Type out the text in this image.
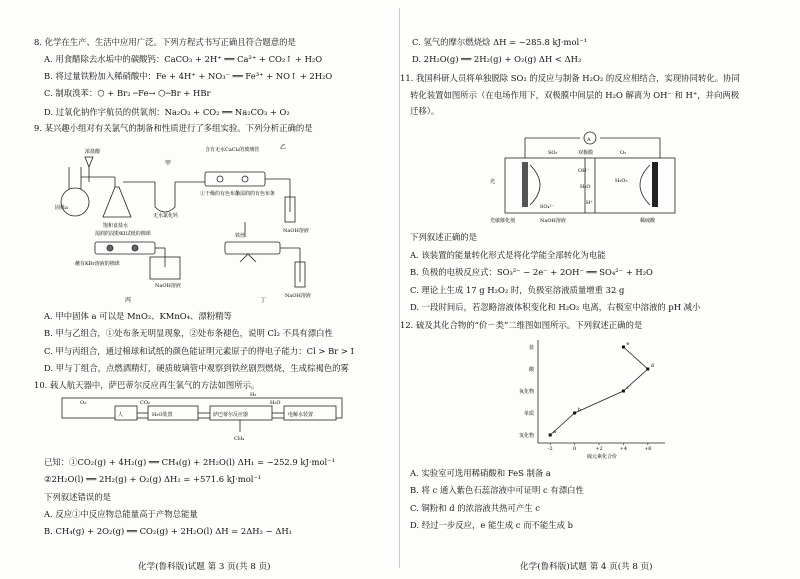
8. 化学在生产、生活中应用广泛。下列方程式书写正确且符合题意的是
A. 用食醋除去水垢中的碳酸钙：CaCO₃ + 2H⁺ ══ Ca²⁺ + CO₂↑ + H₂O
B. 将过量铁粉加入稀硝酸中：Fe + 4H⁺ + NO₃⁻ ══ Fe³⁺ + NO↑ + 2H₂O
C. 制取溴苯：⬡ + Br₂ ─Fe→ ⬡─Br + HBr
D. 过氧化钠作宇航员的供氧剂：Na₂O₂ + CO₂ ══ Na₂CO₃ + O₂
9. 某兴趣小组对有关氯气的制备和性质进行了多组实验。下列分析正确的是
固体a
浓盐酸
饱和食盐水
无水氯化钙
含有无水CaCl₂的玻璃管
①干燥的有色布条
②湿润的有色布条
NaOH溶液
湿润的淀粉KI试纸的棉球
蘸有KBr溶液的棉球
NaOH溶液
铁丝
NaOH溶液
甲
乙
丙	丁
A. 甲中固体 a 可以是 MnO₂、KMnO₄、漂粉精等
B. 甲与乙组合，①处布条无明显现象，②处布条褪色，说明 Cl₂ 不具有漂白性
C. 甲与丙组合，通过棉球和试纸的颜色能证明元素原子的得电子能力：Cl > Br > I
D. 甲与丁组合，点燃酒精灯，硬质玻璃管中观察到铁丝剧烈燃烧，生成棕褐色的雾
10. 载人航天器中，萨巴蒂尔反应再生氧气的方法如图所示。
人	H₂O装置	萨巴蒂尔反应器	电解水装置
O₂	CO₂
H₂
H₂O
CH₄
已知：①CO₂(g) + 4H₂(g) ══ CH₄(g) + 2H₂O(l) ΔH₁ = −252.9 kJ·mol⁻¹
②2H₂O(l) ══ 2H₂(g) + O₂(g) ΔH₂ = +571.6 kJ·mol⁻¹
下列叙述错误的是
A. 反应①中反应物总能量高于产物总能量
B. CH₄(g) + 2O₂(g) ══ CO₂(g) + 2H₂O(l) ΔH = 2ΔH₂ − ΔH₁
化学(鲁科版)试题 第 3 页(共 8 页)
C. 氢气的摩尔燃烧焓 ΔH = −285.8 kJ·mol⁻¹
D. 2H₂O(g) ══ 2H₂(g) + O₂(g) ΔH < ΔH₂
11. 我国科研人员将单独脱除 SO₂ 的反应与制备 H₂O₂ 的反应相结合，实现协同转化。协同
转化装置如图所示（在电场作用下，双极膜中间层的 H₂O 解离为 OH⁻ 和 H⁺，并向两极
迁移）。
A
光
SO₂
SO₄²⁻
双极膜	O₂
H₂O₂
OH⁻
H⁺
H₂O
光敏催化剂	NaOH溶液	稀硫酸
下列叙述正确的是
A. 该装置的能量转化形式是将化学能全部转化为电能
B. 负极的电极反应式：SO₃²⁻ − 2e⁻ + 2OH⁻ ══ SO₄²⁻ + H₂O
C. 理论上生成 17 g H₂O₂ 时，负极室溶液质量增重 32 g
D. 一段时间后，若忽略溶液体积变化和 H₂O₂ 电离，右极室中溶液的 pH 减小
12. 硫及其化合物的“价－类”二维图如图所示。下列叙述正确的是
氢化物
单质
氧化物
酸
盐
-2	0	+2	+4	+6
a
b
c
d
e
硫元素化合价
A. 实验室可选用稀硝酸和 FeS 制备 a
B. 将 c 通入紫色石蕊溶液中可证明 c 有漂白性
C. 铜粉和 d 的浓溶液共热可产生 c
D. 经过一步反应，e 能生成 c 而不能生成 b
化学(鲁科版)试题 第 4 页(共 8 页)
